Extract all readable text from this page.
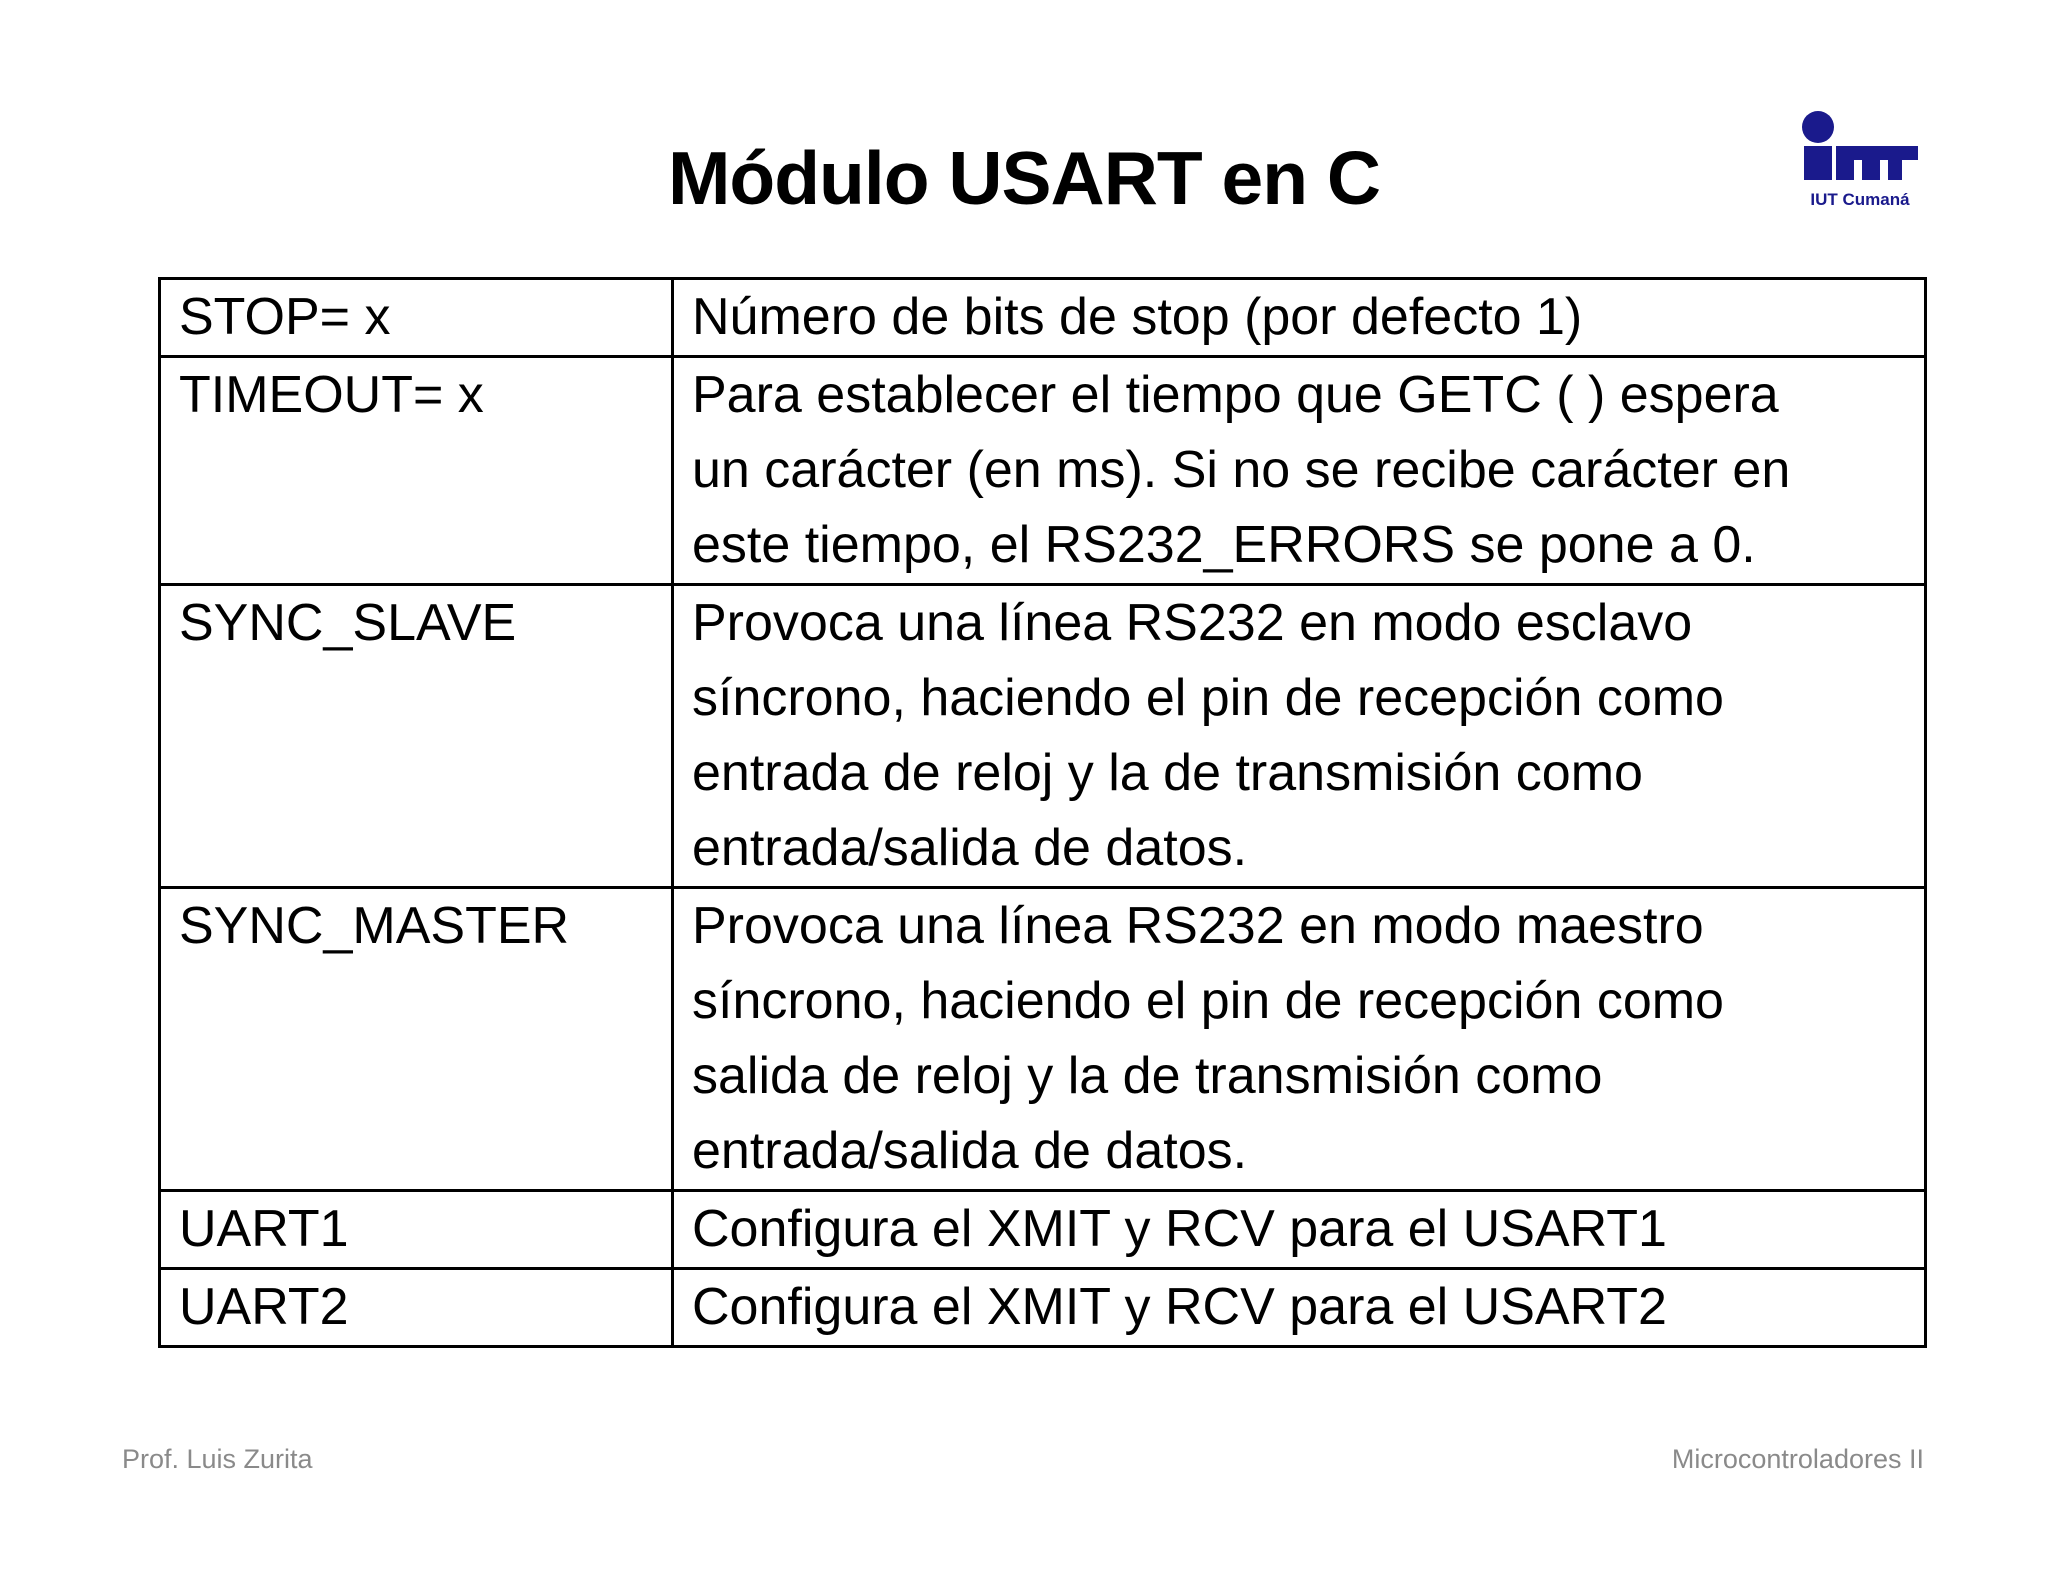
Módulo USART en C	IUT Cumaná
STOP= x	Número de bits de stop (por defecto 1)

TIMEOUT= x	Para establecer el tiempo que GETC ( ) espera
un carácter (en ms). Si no se recibe carácter en
este tiempo, el RS232_ERRORS se pone a 0.

SYNC_SLAVE	Provoca una línea RS232 en modo esclavo
síncrono, haciendo el pin de recepción como
entrada de reloj y la de transmisión como
entrada/salida de datos.

SYNC_MASTER	Provoca una línea RS232 en modo maestro
síncrono, haciendo el pin de recepción como
salida de reloj y la de transmisión como
entrada/salida de datos.

UART1	Configura el XMIT y RCV para el USART1

UART2	Configura el XMIT y RCV para el USART2
Prof. Luis Zurita	Microcontroladores II
